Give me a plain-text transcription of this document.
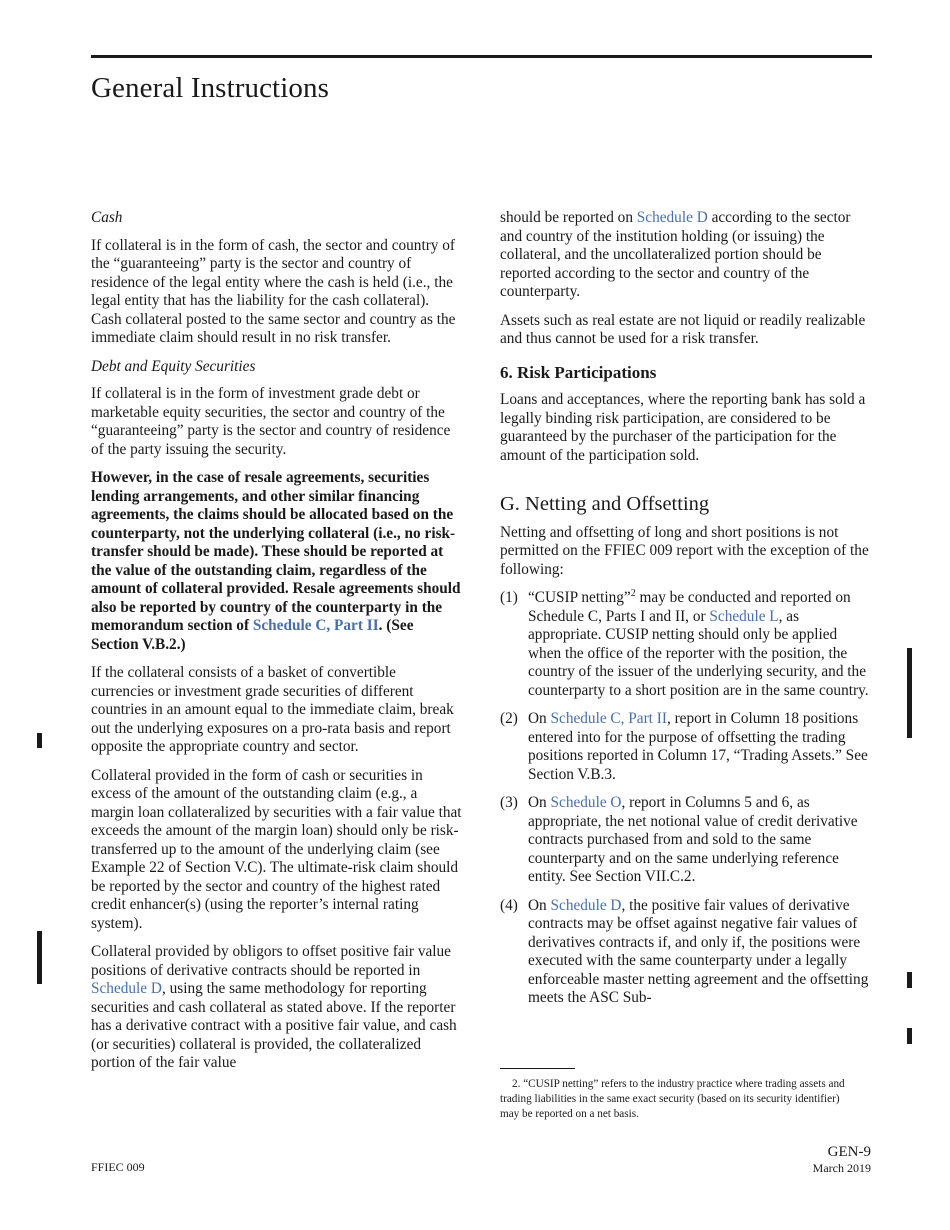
General Instructions

Cash

If collateral is in the form of cash, the sector and country of the “guaranteeing” party is the sector and country of residence of the legal entity where the cash is held (i.e., the legal entity that has the liability for the cash collateral). Cash collateral posted to the same sector and country as the immediate claim should result in no risk transfer.

Debt and Equity Securities

If collateral is in the form of investment grade debt or marketable equity securities, the sector and country of the “guaranteeing” party is the sector and country of residence of the party issuing the security.

However, in the case of resale agreements, securities lending arrangements, and other similar financing agreements, the claims should be allocated based on the counterparty, not the underlying collateral (i.e., no risk-transfer should be made). These should be reported at the value of the outstanding claim, regardless of the amount of collateral provided. Resale agreements should also be reported by country of the counterparty in the memorandum section of Schedule C, Part II. (See Section V.B.2.)

If the collateral consists of a basket of convertible currencies or investment grade securities of different countries in an amount equal to the immediate claim, break out the underlying exposures on a pro-rata basis and report opposite the appropriate country and sector.

Collateral provided in the form of cash or securities in excess of the amount of the outstanding claim (e.g., a margin loan collateralized by securities with a fair value that exceeds the amount of the margin loan) should only be risk-transferred up to the amount of the underlying claim (see Example 22 of Section V.C). The ultimate-risk claim should be reported by the sector and country of the highest rated credit enhancer(s) (using the reporter’s internal rating system).

Collateral provided by obligors to offset positive fair value positions of derivative contracts should be reported in Schedule D, using the same methodology for reporting securities and cash collateral as stated above. If the reporter has a derivative contract with a positive fair value, and cash (or securities) collateral is provided, the collateralized portion of the fair value

should be reported on Schedule D according to the sector and country of the institution holding (or issuing) the collateral, and the uncollateralized portion should be reported according to the sector and country of the counterparty.

Assets such as real estate are not liquid or readily realizable and thus cannot be used for a risk transfer.

6. Risk Participations

Loans and acceptances, where the reporting bank has sold a legally binding risk participation, are considered to be guaranteed by the purchaser of the participation for the amount of the participation sold.

G. Netting and Offsetting

Netting and offsetting of long and short positions is not permitted on the FFIEC 009 report with the exception of the following:

(1) “CUSIP netting”$^2$ may be conducted and reported on Schedule C, Parts I and II, or Schedule L, as appropriate. CUSIP netting should only be applied when the office of the reporter with the position, the country of the issuer of the underlying security, and the counterparty to a short position are in the same country.
(2) On Schedule C, Part II, report in Column 18 positions entered into for the purpose of offsetting the trading positions reported in Column 17, “Trading Assets.” See Section V.B.3.
(3) On Schedule O, report in Columns 5 and 6, as appropriate, the net notional value of credit derivative contracts purchased from and sold to the same counterparty and on the same underlying reference entity. See Section VII.C.2.
(4) On Schedule D, the positive fair values of derivative contracts may be offset against negative fair values of derivatives contracts if, and only if, the positions were executed with the same counterparty under a legally enforceable master netting agreement and the offsetting meets the ASC Sub-

2. “CUSIP netting” refers to the industry practice where trading assets and trading liabilities in the same exact security (based on its security identifier) may be reported on a net basis.

FFIEC 009
GEN-9
March 2019
